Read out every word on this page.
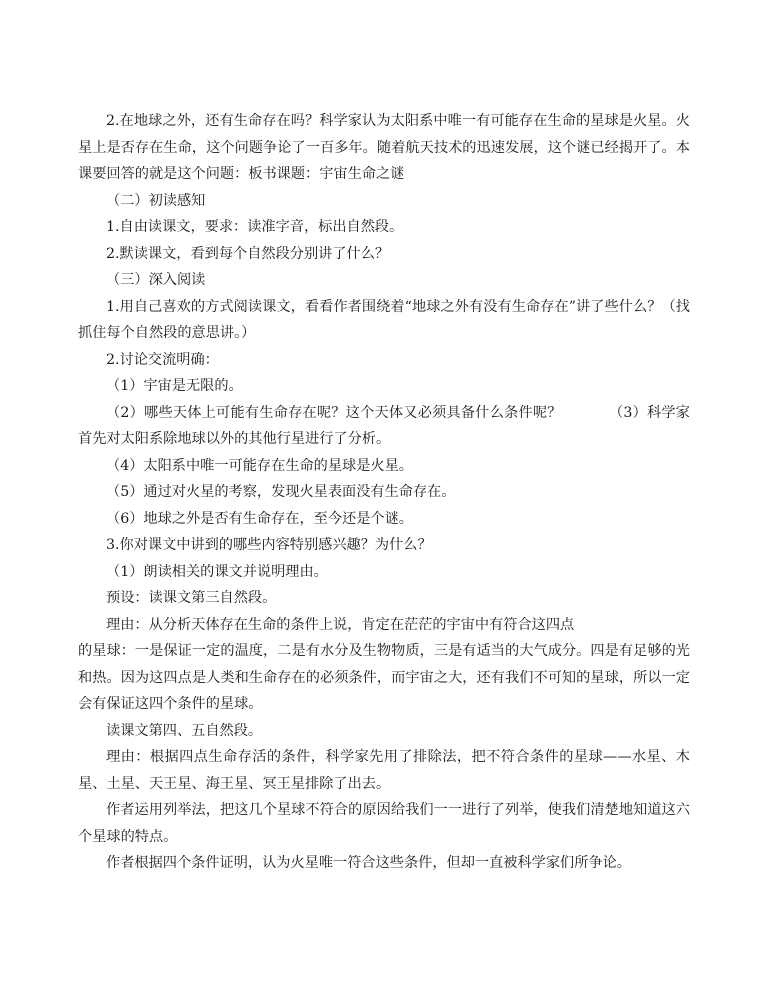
2.在地球之外，还有生命存在吗？科学家认为太阳系中唯一有可能存在生命的星球是火星。火星上是否存在生命，这个问题争论了一百多年。随着航天技术的迅速发展，这个谜已经揭开了。本课要回答的就是这个问题：板书课题：宇宙生命之谜

（二）初读感知

1.自由读课文，要求：读准字音，标出自然段。

2.默读课文，看到每个自然段分别讲了什么？

（三）深入阅读

1.用自己喜欢的方式阅读课文，看看作者围绕着“地球之外有没有生命存在”讲了些什么？（找抓住每个自然段的意思讲。）

2.讨论交流明确：

（1）宇宙是无限的。

（2）哪些天体上可能有生命存在呢？这个天体又必须具备什么条件呢？          （3）科学家首先对太阳系除地球以外的其他行星进行了分析。

（4）太阳系中唯一可能存在生命的星球是火星。

（5）通过对火星的考察，发现火星表面没有生命存在。

（6）地球之外是否有生命存在，至今还是个谜。

3.你对课文中讲到的哪些内容特别感兴趣？为什么？

（1）朗读相关的课文并说明理由。

预设：读课文第三自然段。

理由：从分析天体存在生命的条件上说，肯定在茫茫的宇宙中有符合这四点

的星球：一是保证一定的温度，二是有水分及生物物质，三是有适当的大气成分。四是有足够的光和热。因为这四点是人类和生命存在的必须条件，而宇宙之大，还有我们不可知的星球，所以一定会有保证这四个条件的星球。

读课文第四、五自然段。

理由：根据四点生命存活的条件，科学家先用了排除法，把不符合条件的星球——水星、木星、土星、天王星、海王星、冥王星排除了出去。

作者运用列举法，把这几个星球不符合的原因给我们一一进行了列举，使我们清楚地知道这六个星球的特点。

作者根据四个条件证明，认为火星唯一符合这些条件，但却一直被科学家们所争论。
